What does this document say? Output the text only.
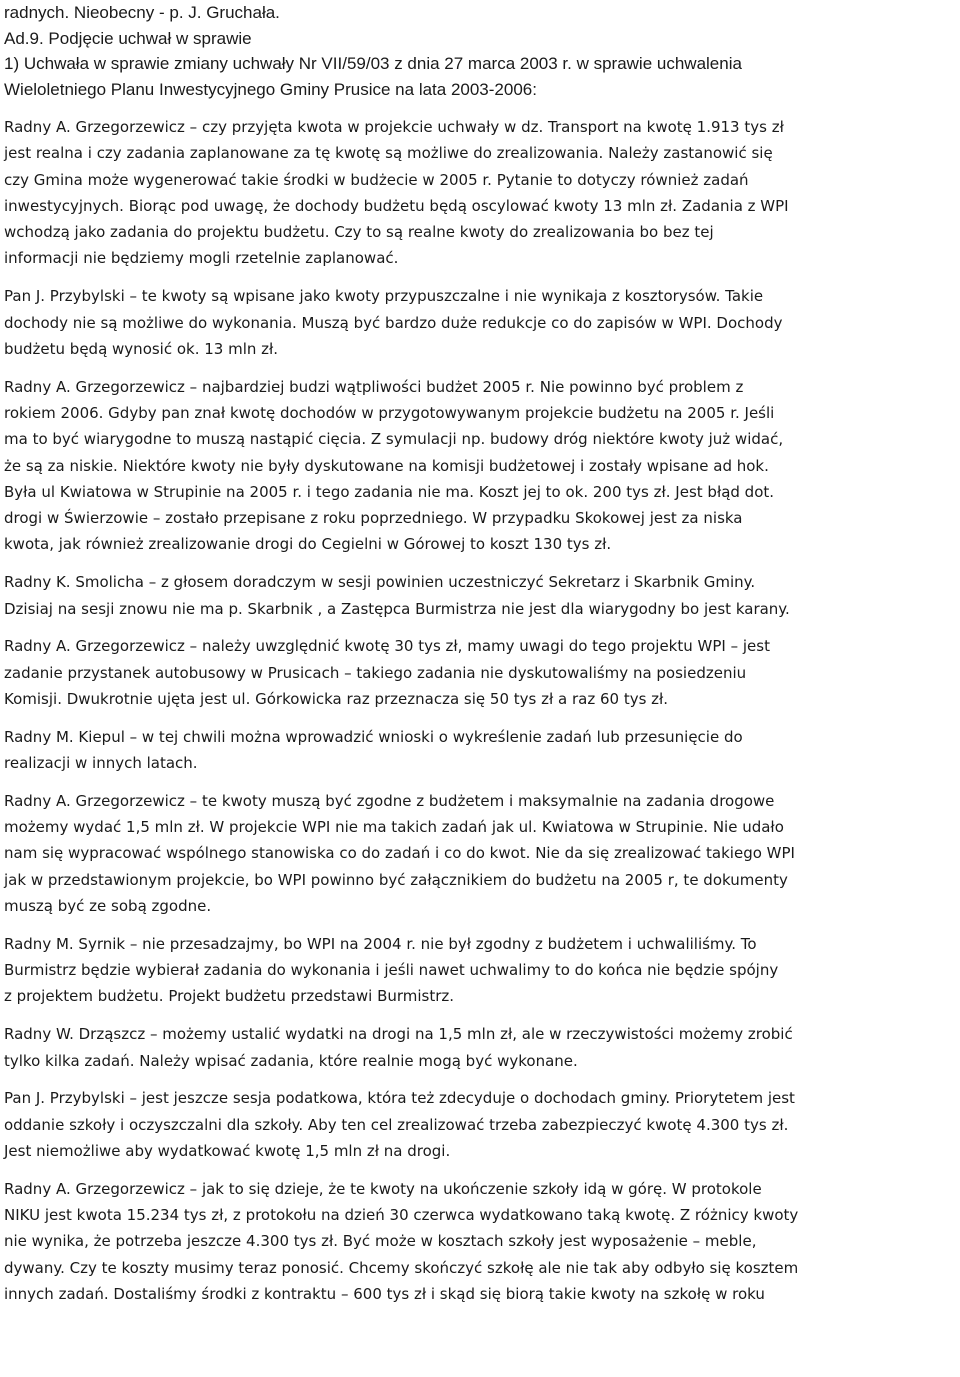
radnych. Nieobecny - p. J. Gruchała.

Ad.9. Podjęcie uchwał w sprawie

1) Uchwała w sprawie zmiany uchwały Nr VII/59/03 z dnia 27 marca 2003 r. w sprawie uchwalenia

Wieloletniego Planu Inwestycyjnego Gminy Prusice na lata 2003-2006:

Radny A. Grzegorzewicz – czy przyjęta kwota w projekcie uchwały w dz. Transport na kwotę 1.913 tys zł
jest realna i czy zadania zaplanowane za tę kwotę są możliwe do zrealizowania. Należy zastanowić się
czy Gmina może wygenerować takie środki w budżecie w 2005 r. Pytanie to dotyczy również zadań
inwestycyjnych. Biorąc pod uwagę, że dochody budżetu będą oscylować kwoty 13 mln zł. Zadania z WPI
wchodzą jako zadania do projektu budżetu. Czy to są realne kwoty do zrealizowania bo bez tej
informacji nie będziemy mogli rzetelnie zaplanować.
Pan J. Przybylski – te kwoty są wpisane jako kwoty przypuszczalne i nie wynikaja z kosztorysów. Takie
dochody nie są możliwe do wykonania. Muszą być bardzo duże redukcje co do zapisów w WPI. Dochody
budżetu będą wynosić ok. 13 mln zł.
Radny A. Grzegorzewicz – najbardziej budzi wątpliwości budżet 2005 r. Nie powinno być problem z
rokiem 2006. Gdyby pan znał kwotę dochodów w przygotowywanym projekcie budżetu na 2005 r. Jeśli
ma to być wiarygodne to muszą nastąpić cięcia. Z symulacji np. budowy dróg niektóre kwoty już widać,
że są za niskie. Niektóre kwoty nie były dyskutowane na komisji budżetowej i zostały wpisane ad hok.
Była ul Kwiatowa w Strupinie na 2005 r. i tego zadania nie ma. Koszt jej to ok. 200 tys zł. Jest błąd dot.
drogi w Świerzowie – zostało przepisane z roku poprzedniego. W przypadku Skokowej jest za niska
kwota, jak również zrealizowanie drogi do Cegielni w Górowej to koszt 130 tys zł.
Radny K. Smolicha – z głosem doradczym w sesji powinien uczestniczyć Sekretarz i Skarbnik Gminy.
Dzisiaj na sesji znowu nie ma p. Skarbnik , a Zastępca Burmistrza nie jest dla wiarygodny bo jest karany.
Radny A. Grzegorzewicz – należy uwzględnić kwotę 30 tys zł, mamy uwagi do tego projektu WPI – jest
zadanie przystanek autobusowy w Prusicach – takiego zadania nie dyskutowaliśmy na posiedzeniu
Komisji. Dwukrotnie ujęta jest ul. Górkowicka raz przeznacza się 50 tys zł a raz 60 tys zł.
Radny M. Kiepul – w tej chwili można wprowadzić wnioski o wykreślenie zadań lub przesunięcie do
realizacji w innych latach.
Radny A. Grzegorzewicz – te kwoty muszą być zgodne z budżetem i maksymalnie na zadania drogowe
możemy wydać 1,5 mln zł. W projekcie WPI nie ma takich zadań jak ul. Kwiatowa w Strupinie. Nie udało
nam się wypracować wspólnego stanowiska co do zadań i co do kwot. Nie da się zrealizować takiego WPI
jak w przedstawionym projekcie, bo WPI powinno być załącznikiem do budżetu na 2005 r, te dokumenty
muszą być ze sobą zgodne.
Radny M. Syrnik – nie przesadzajmy, bo WPI na 2004 r. nie był zgodny z budżetem i uchwaliliśmy. To
Burmistrz będzie wybierał zadania do wykonania i jeśli nawet uchwalimy to do końca nie będzie spójny
z projektem budżetu. Projekt budżetu przedstawi Burmistrz.
Radny W. Drząszcz – możemy ustalić wydatki na drogi na 1,5 mln zł, ale w rzeczywistości możemy zrobić
tylko kilka zadań. Należy wpisać zadania, które realnie mogą być wykonane.
Pan J. Przybylski – jest jeszcze sesja podatkowa, która też zdecyduje o dochodach gminy. Priorytetem jest
oddanie szkoły i oczyszczalni dla szkoły. Aby ten cel zrealizować trzeba zabezpieczyć kwotę 4.300 tys zł.
Jest niemożliwe aby wydatkować kwotę 1,5 mln zł na drogi.
Radny A. Grzegorzewicz – jak to się dzieje, że te kwoty na ukończenie szkoły idą w górę. W protokole
NIKU jest kwota 15.234 tys zł, z protokołu na dzień 30 czerwca wydatkowano taką kwotę. Z różnicy kwoty
nie wynika, że potrzeba jeszcze 4.300 tys zł. Być może w kosztach szkoły jest wyposażenie – meble,
dywany. Czy te koszty musimy teraz ponosić. Chcemy skończyć szkołę ale nie tak aby odbyło się kosztem
innych zadań. Dostaliśmy środki z kontraktu – 600 tys zł i skąd się biorą takie kwoty na szkołę w roku
